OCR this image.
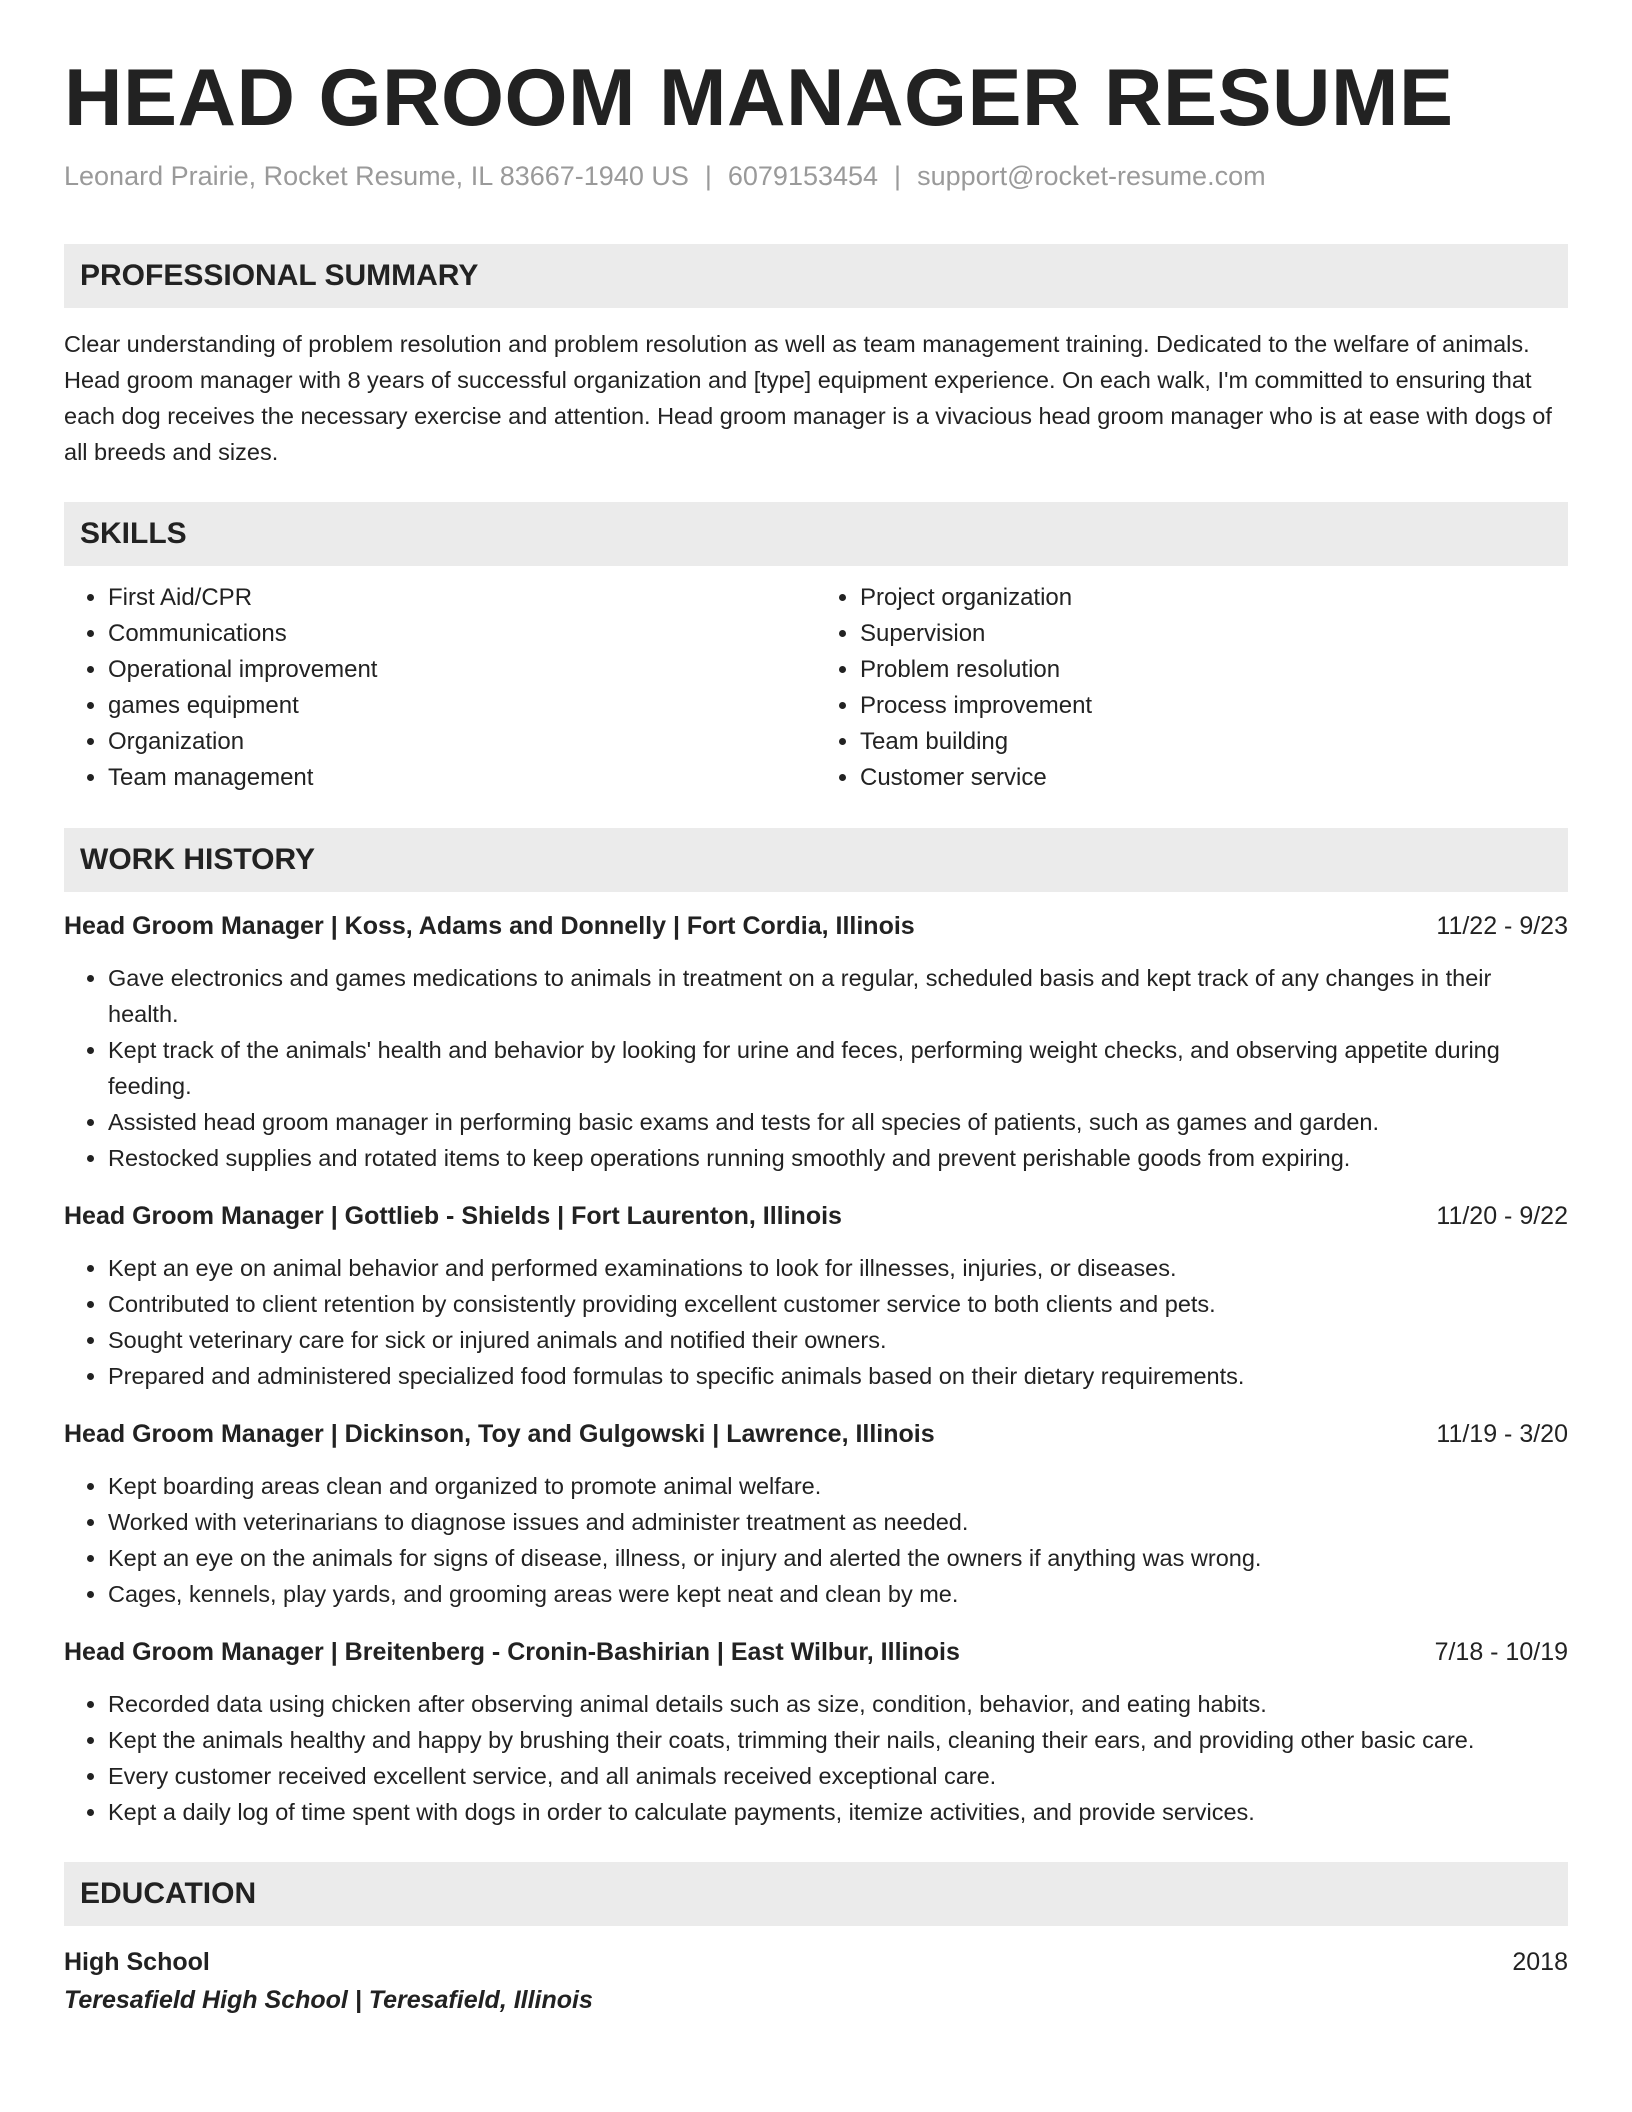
HEAD GROOM MANAGER RESUME
Leonard Prairie, Rocket Resume, IL 83667-1940 US | 6079153454 | support@rocket-resume.com
PROFESSIONAL SUMMARY

Clear understanding of problem resolution and problem resolution as well as team management training. Dedicated to the welfare of animals. Head groom manager with 8 years of successful organization and [type] equipment experience. On each walk, I'm committed to ensuring that each dog receives the necessary exercise and attention. Head groom manager is a vivacious head groom manager who is at ease with dogs of all breeds and sizes.

SKILLS
• First Aid/CPR
• Communications
• Operational improvement
• games equipment
• Organization
• Team management
• Project organization
• Supervision
• Problem resolution
• Process improvement
• Team building
• Customer service
WORK HISTORY
Head Groom Manager | Koss, Adams and Donnelly | Fort Cordia, Illinois	11/22 - 9/23
• Gave electronics and games medications to animals in treatment on a regular, scheduled basis and kept track of any changes in their health.
• Kept track of the animals' health and behavior by looking for urine and feces, performing weight checks, and observing appetite during feeding.
• Assisted head groom manager in performing basic exams and tests for all species of patients, such as games and garden.
• Restocked supplies and rotated items to keep operations running smoothly and prevent perishable goods from expiring.
Head Groom Manager | Gottlieb - Shields | Fort Laurenton, Illinois	11/20 - 9/22
• Kept an eye on animal behavior and performed examinations to look for illnesses, injuries, or diseases.
• Contributed to client retention by consistently providing excellent customer service to both clients and pets.
• Sought veterinary care for sick or injured animals and notified their owners.
• Prepared and administered specialized food formulas to specific animals based on their dietary requirements.
Head Groom Manager | Dickinson, Toy and Gulgowski | Lawrence, Illinois	11/19 - 3/20
• Kept boarding areas clean and organized to promote animal welfare.
• Worked with veterinarians to diagnose issues and administer treatment as needed.
• Kept an eye on the animals for signs of disease, illness, or injury and alerted the owners if anything was wrong.
• Cages, kennels, play yards, and grooming areas were kept neat and clean by me.
Head Groom Manager | Breitenberg - Cronin-Bashirian | East Wilbur, Illinois	7/18 - 10/19
• Recorded data using chicken after observing animal details such as size, condition, behavior, and eating habits.
• Kept the animals healthy and happy by brushing their coats, trimming their nails, cleaning their ears, and providing other basic care.
• Every customer received excellent service, and all animals received exceptional care.
• Kept a daily log of time spent with dogs in order to calculate payments, itemize activities, and provide services.
EDUCATION
High School	2018
Teresafield High School | Teresafield, Illinois
